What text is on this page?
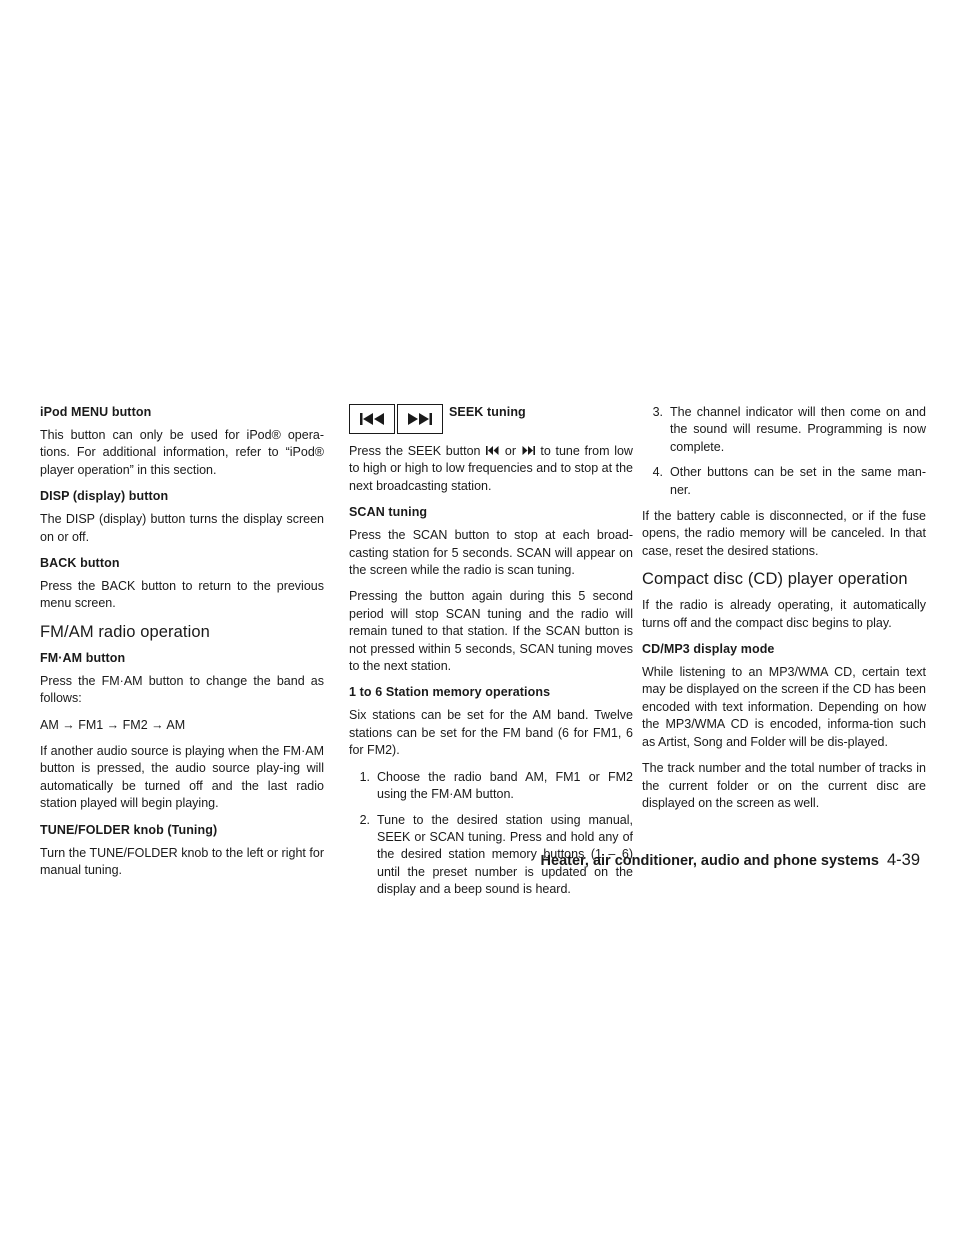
iPod MENU button

This button can only be used for iPod® opera-tions. For additional information, refer to “iPod® player operation” in this section.

DISP (display) button

The DISP (display) button turns the display screen on or off.

BACK button

Press the BACK button to return to the previous menu screen.

FM/AM radio operation
FM·AM button

Press the FM·AM button to change the band as follows:

AM → FM1 → FM2 → AM

If another audio source is playing when the FM·AM button is pressed, the audio source play-ing will automatically be turned off and the last radio station played will begin playing.

TUNE/FOLDER knob (Tuning)

Turn the TUNE/FOLDER knob to the left or right for manual tuning.

SEEK tuning

Press the SEEK button or to tune from low to high or high to low frequencies and to stop at the next broadcasting station.

SCAN tuning

Press the SCAN button to stop at each broad-casting station for 5 seconds. SCAN will appear on the screen while the radio is scan tuning.

Pressing the button again during this 5 second period will stop SCAN tuning and the radio will remain tuned to that station. If the SCAN button is not pressed within 5 seconds, SCAN tuning moves to the next station.

1 to 6 Station memory operations

Six stations can be set for the AM band. Twelve stations can be set for the FM band (6 for FM1, 6 for FM2).

1. Choose the radio band AM, FM1 or FM2 using the FM·AM button.
2. Tune to the desired station using manual, SEEK or SCAN tuning. Press and hold any of the desired station memory buttons (1 – 6) until the preset number is updated on the display and a beep sound is heard.
3. The channel indicator will then come on and the sound will resume. Programming is now complete.
4. Other buttons can be set in the same man-ner.

If the battery cable is disconnected, or if the fuse opens, the radio memory will be canceled. In that case, reset the desired stations.

Compact disc (CD) player operation

If the radio is already operating, it automatically turns off and the compact disc begins to play.

CD/MP3 display mode

While listening to an MP3/WMA CD, certain text may be displayed on the screen if the CD has been encoded with text information. Depending on how the MP3/WMA CD is encoded, informa-tion such as Artist, Song and Folder will be dis-played.

The track number and the total number of tracks in the current folder or on the current disc are displayed on the screen as well.

Heater, air conditioner, audio and phone systems 4-39
